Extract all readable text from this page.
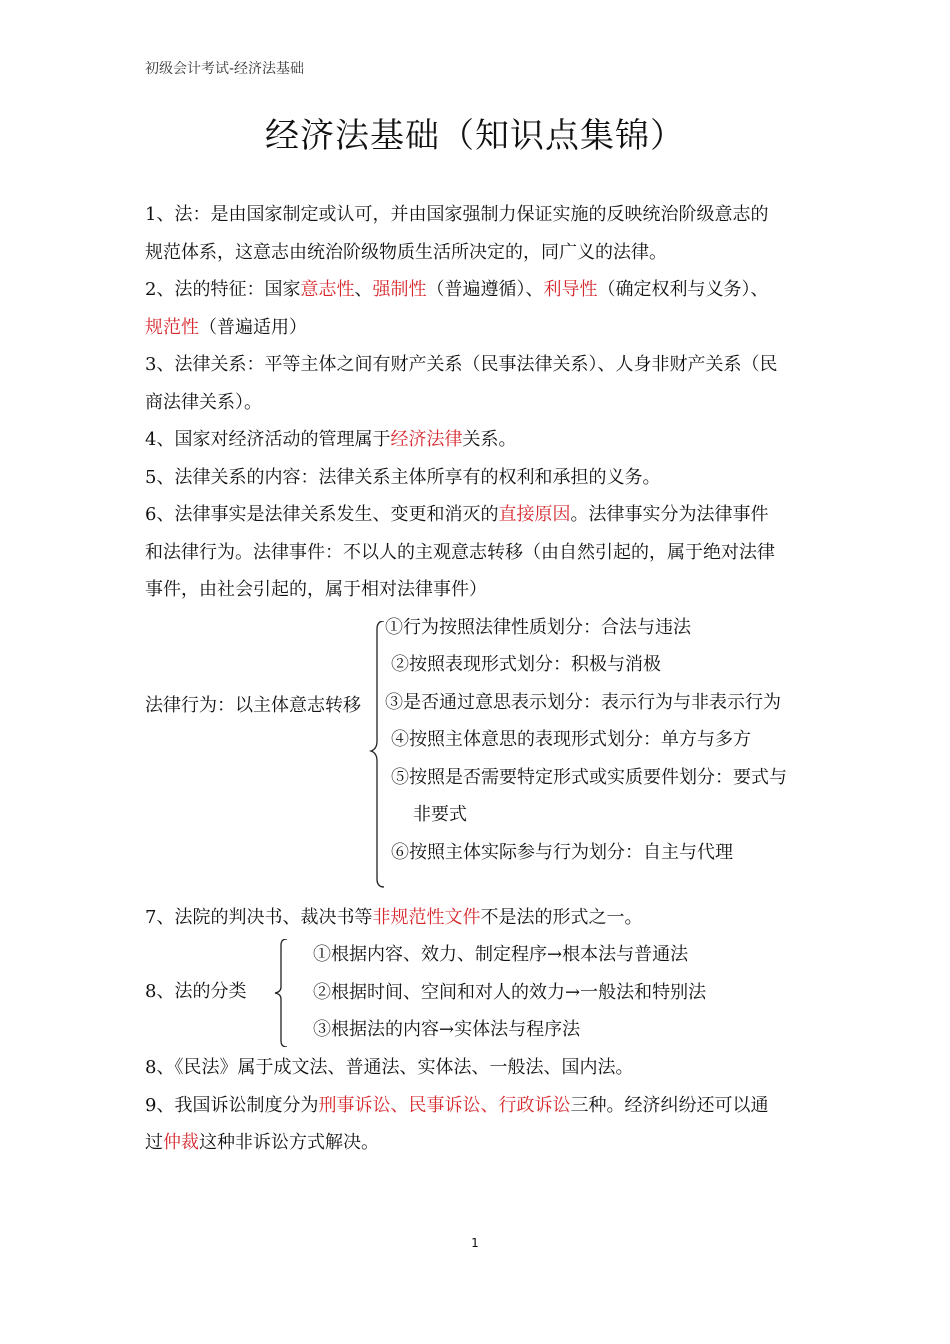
初级会计考试-经济法基础
经济法基础（知识点集锦）

1、法：是由国家制定或认可，并由国家强制力保证实施的反映统治阶级意志的
规范体系，这意志由统治阶级物质生活所决定的，同广义的法律。

2、法的特征：国家意志性、强制性（普遍遵循）、利导性（确定权利与义务）、
规范性（普遍适用）

3、法律关系：平等主体之间有财产关系（民事法律关系）、人身非财产关系（民
商法律关系）。

4、国家对经济活动的管理属于经济法律关系。

5、法律关系的内容：法律关系主体所享有的权利和承担的义务。

6、法律事实是法律关系发生、变更和消灭的直接原因。法律事实分为法律事件
和法律行为。法律事件：不以人的主观意志转移（由自然引起的，属于绝对法律
事件，由社会引起的，属于相对法律事件）

法律行为：以主体意志转移
①行为按照法律性质划分：合法与违法
②按照表现形式划分：积极与消极
③是否通过意思表示划分：表示行为与非表示行为
④按照主体意思的表现形式划分：单方与多方
⑤按照是否需要特定形式或实质要件划分：要式与
非要式
⑥按照主体实际参与行为划分：自主与代理

7、法院的判决书、裁决书等非规范性文件不是法的形式之一。

8、法的分类
①根据内容、效力、制定程序→根本法与普通法
②根据时间、空间和对人的效力→一般法和特别法
③根据法的内容→实体法与程序法

8、《民法》属于成文法、普通法、实体法、一般法、国内法。

9、我国诉讼制度分为刑事诉讼、民事诉讼、行政诉讼三种。经济纠纷还可以通
过仲裁这种非诉讼方式解决。

1
